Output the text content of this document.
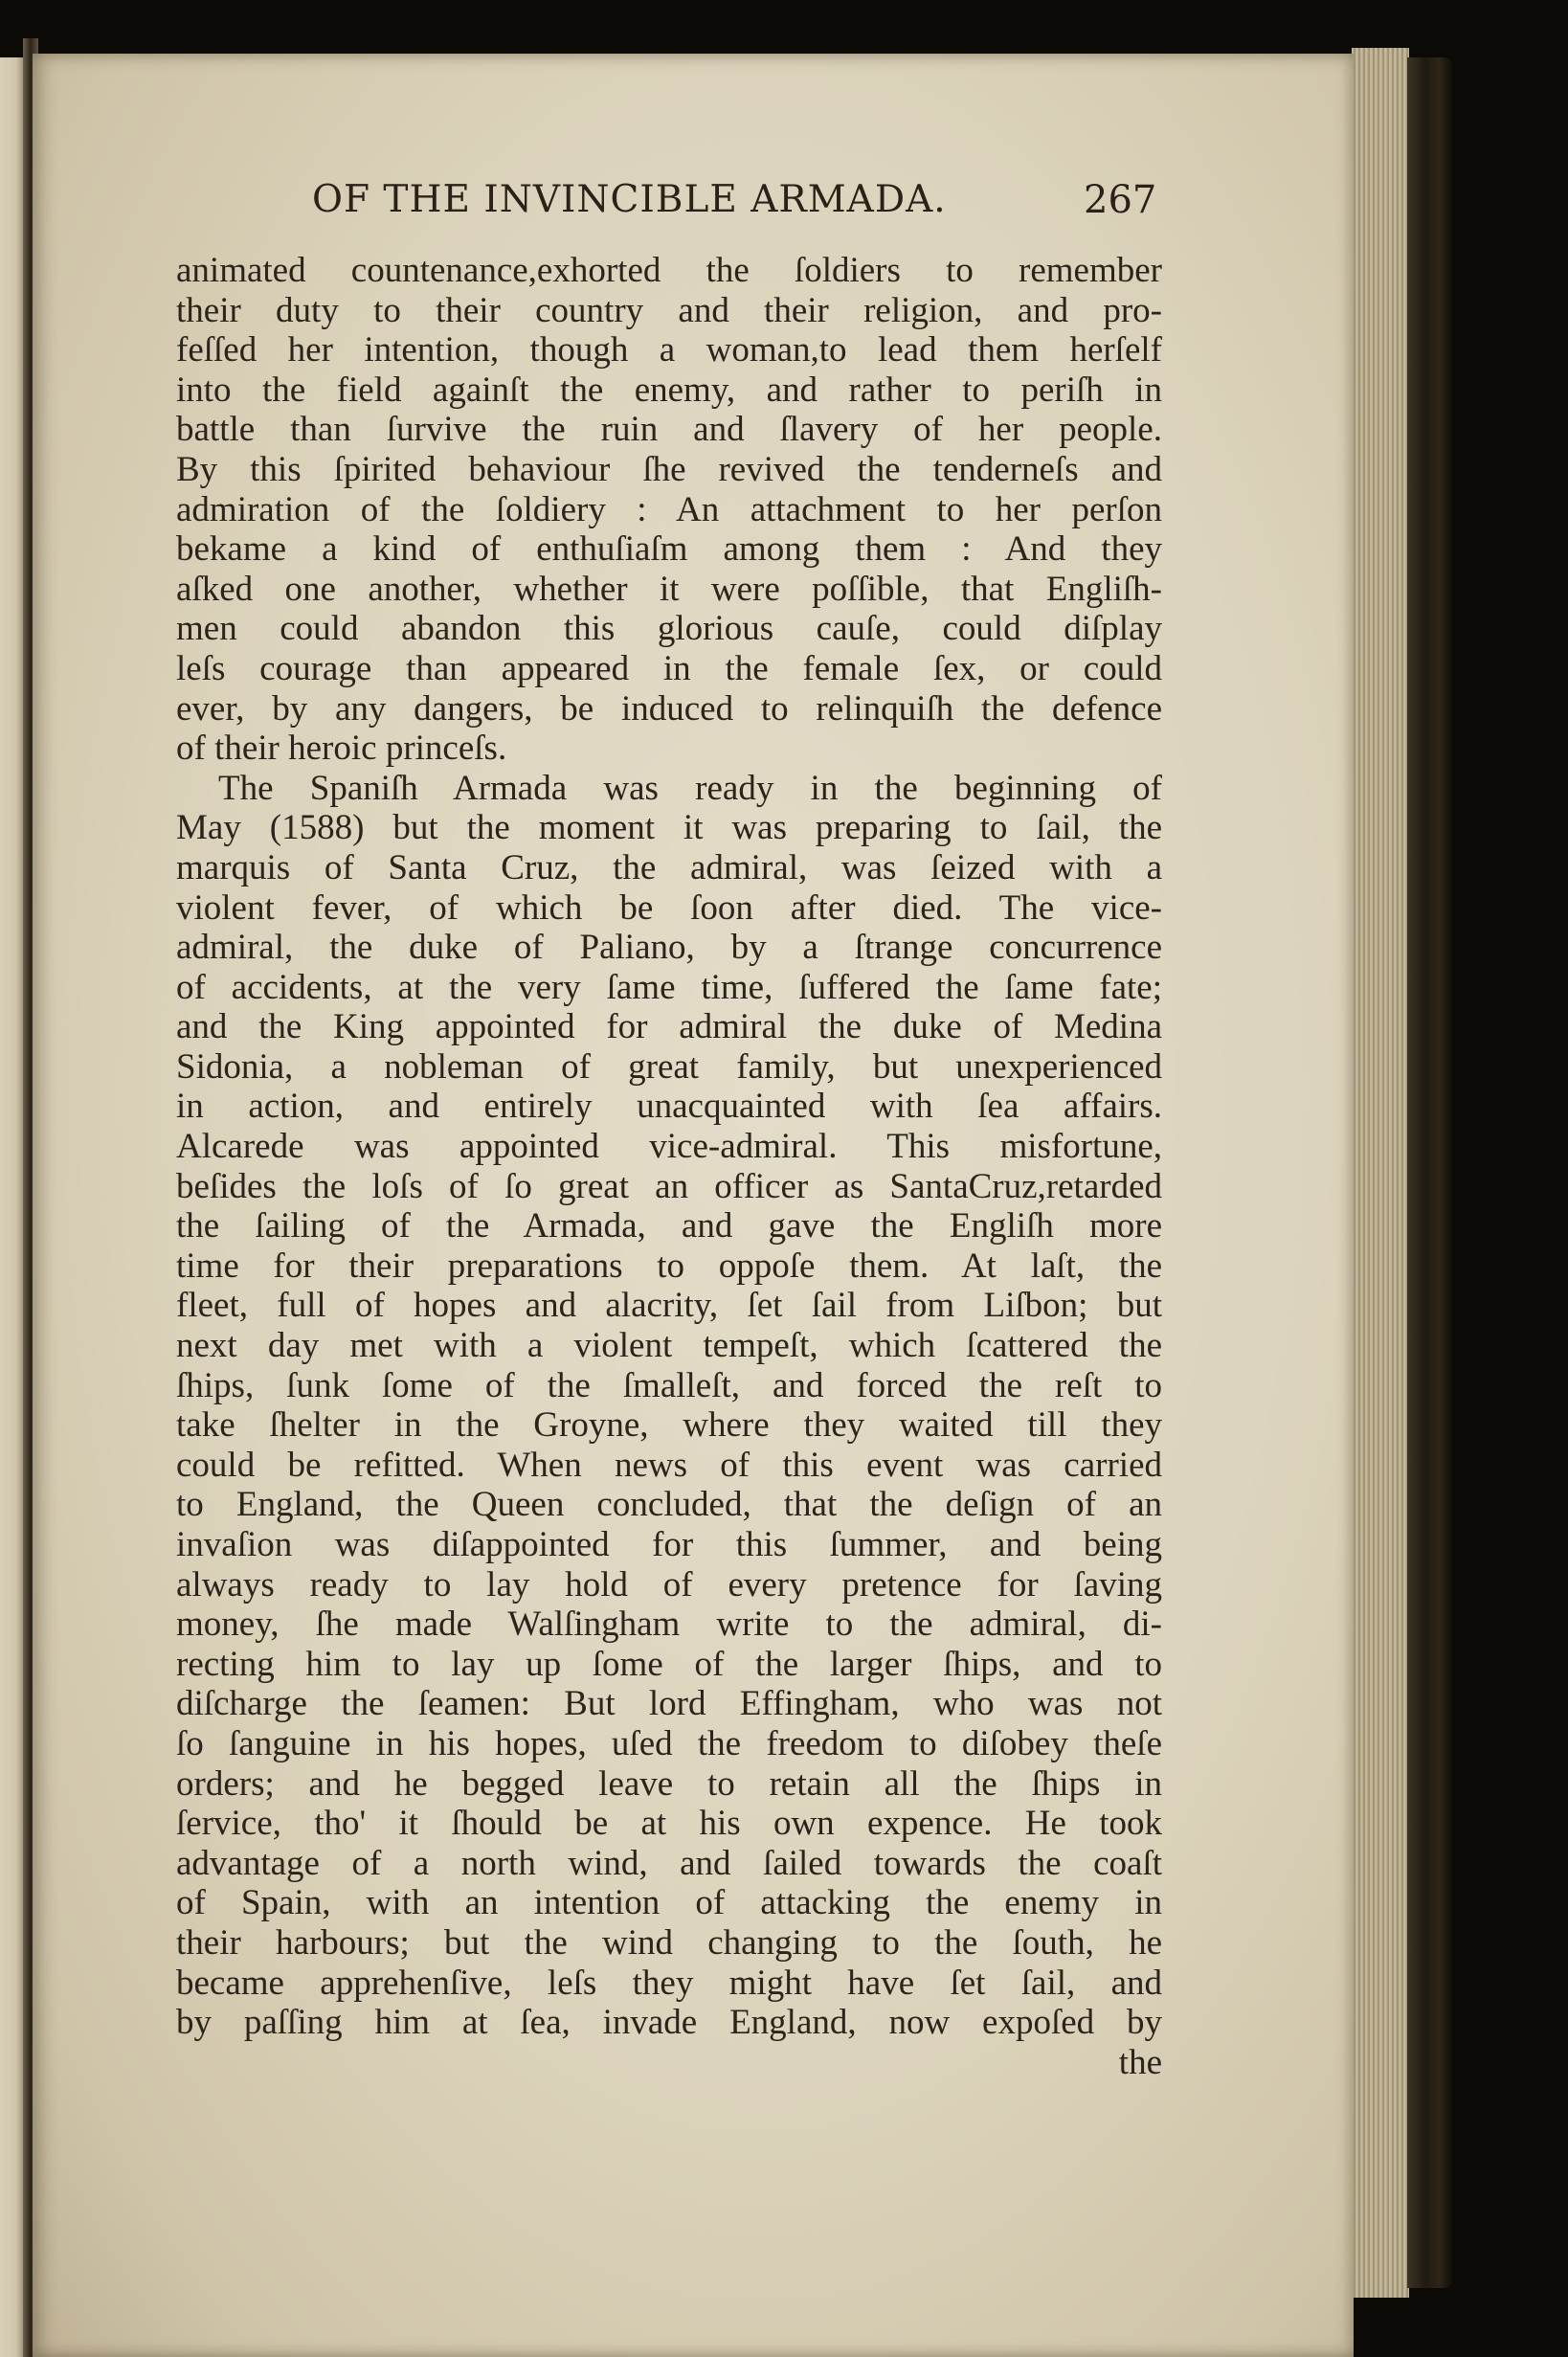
OF THE INVINCIBLE ARMADA.	267
animated countenance,exhorted the ſoldiers to remember
their duty to their country and their religion, and pro-
feſſed her intention, though a woman,to lead them herſelf
into the field againſt the enemy, and rather to periſh in
battle than ſurvive the ruin and ſlavery of her people.
By this ſpirited behaviour ſhe revived the tenderneſs and
admiration of the ſoldiery : An attachment to her perſon
bekame a kind of enthuſiaſm among them : And they
aſked one another, whether it were poſſible, that Engliſh-
men could abandon this glorious cauſe, could diſplay
leſs courage than appeared in the female ſex, or could
ever, by any dangers, be induced to relinquiſh the defence
of their heroic princeſs.
The Spaniſh Armada was ready in the beginning of
May (1588) but the moment it was preparing to ſail, the
marquis of Santa Cruz, the admiral, was ſeized with a
violent fever, of which be ſoon after died. The vice-
admiral, the duke of Paliano, by a ſtrange concurrence
of accidents, at the very ſame time, ſuffered the ſame fate;
and the King appointed for admiral the duke of Medina
Sidonia, a nobleman of great family, but unexperienced
in action, and entirely unacquainted with ſea affairs.
Alcarede was appointed vice-admiral. This misfortune,
beſides the loſs of ſo great an officer as SantaCruz,retarded
the ſailing of the Armada, and gave the Engliſh more
time for their preparations to oppoſe them. At laſt, the
fleet, full of hopes and alacrity, ſet ſail from Liſbon; but
next day met with a violent tempeſt, which ſcattered the
ſhips, ſunk ſome of the ſmalleſt, and forced the reſt to
take ſhelter in the Groyne, where they waited till they
could be refitted. When news of this event was carried
to England, the Queen concluded, that the deſign of an
invaſion was diſappointed for this ſummer, and being
always ready to lay hold of every pretence for ſaving
money, ſhe made Walſingham write to the admiral, di-
recting him to lay up ſome of the larger ſhips, and to
diſcharge the ſeamen: But lord Effingham, who was not
ſo ſanguine in his hopes, uſed the freedom to diſobey theſe
orders; and he begged leave to retain all the ſhips in
ſervice, tho' it ſhould be at his own expence. He took
advantage of a north wind, and ſailed towards the coaſt
of Spain, with an intention of attacking the enemy in
their harbours; but the wind changing to the ſouth, he
became apprehenſive, leſs they might have ſet ſail, and
by paſſing him at ſea, invade England, now expoſed by
the
